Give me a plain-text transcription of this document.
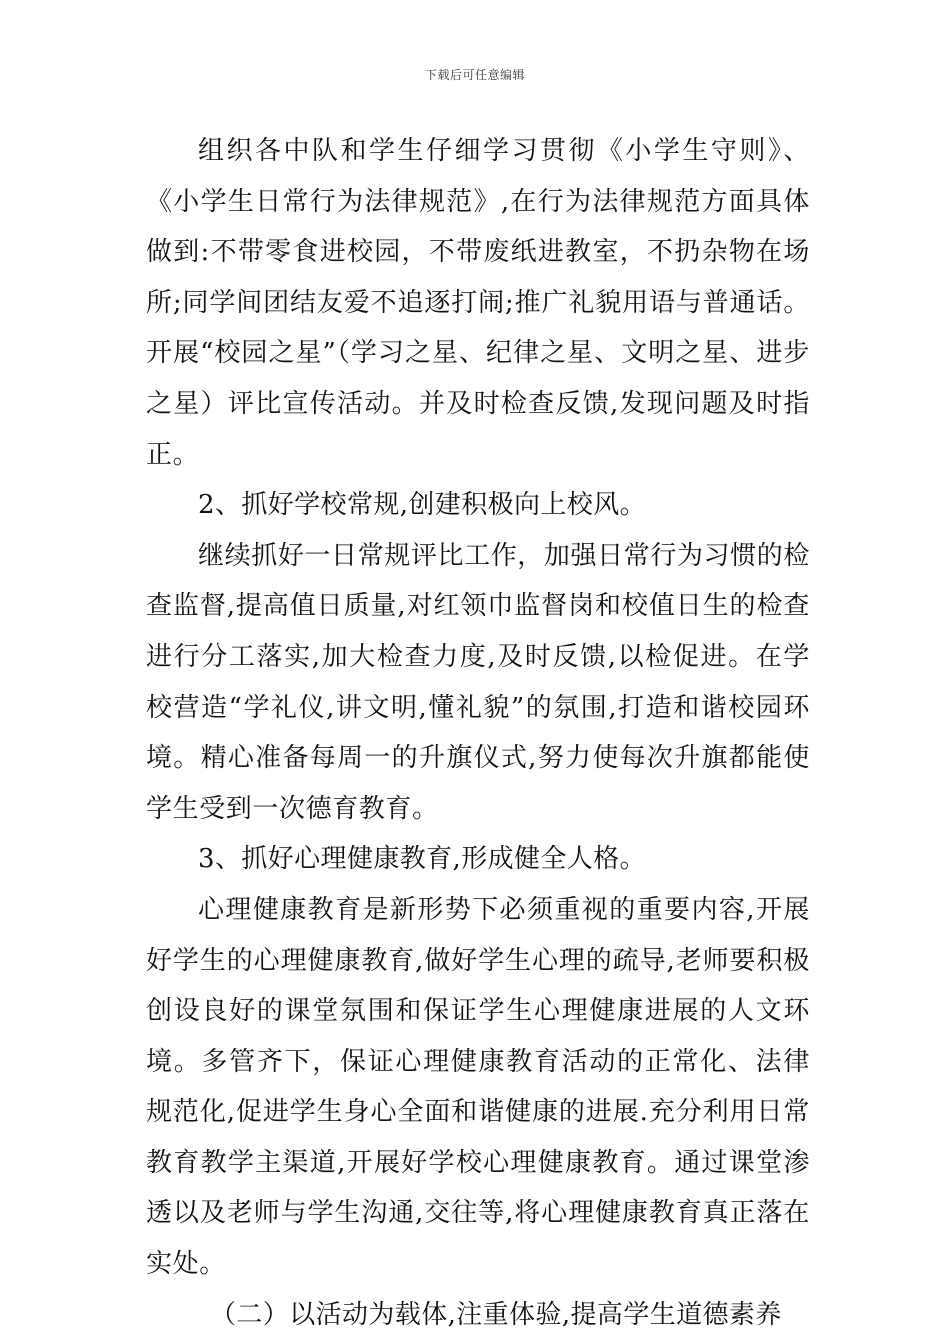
下载后可任意编辑

组织各中队和学生仔细学习贯彻《小学生守则》、《小学生日常行为法律规范》,在行为法律规范方面具体做到:不带零食进校园，不带废纸进教室，不扔杂物在场所;同学间团结友爱不追逐打闹;推广礼貌用语与普通话。开展“校园之星”（学习之星、纪律之星、文明之星、进步之星）评比宣传活动。并及时检查反馈,发现问题及时指正。

2、抓好学校常规,创建积极向上校风。

继续抓好一日常规评比工作，加强日常行为习惯的检查监督,提高值日质量,对红领巾监督岗和校值日生的检查进行分工落实,加大检查力度,及时反馈,以检促进。在学校营造“学礼仪,讲文明,懂礼貌”的氛围,打造和谐校园环境。精心准备每周一的升旗仪式,努力使每次升旗都能使学生受到一次德育教育。

3、抓好心理健康教育,形成健全人格。

心理健康教育是新形势下必须重视的重要内容,开展好学生的心理健康教育,做好学生心理的疏导,老师要积极创设良好的课堂氛围和保证学生心理健康进展的人文环境。多管齐下，保证心理健康教育活动的正常化、法律规范化,促进学生身心全面和谐健康的进展.充分利用日常教育教学主渠道,开展好学校心理健康教育。通过课堂渗透以及老师与学生沟通,交往等,将心理健康教育真正落在实处。

（二）以活动为载体,注重体验,提高学生道德素养
